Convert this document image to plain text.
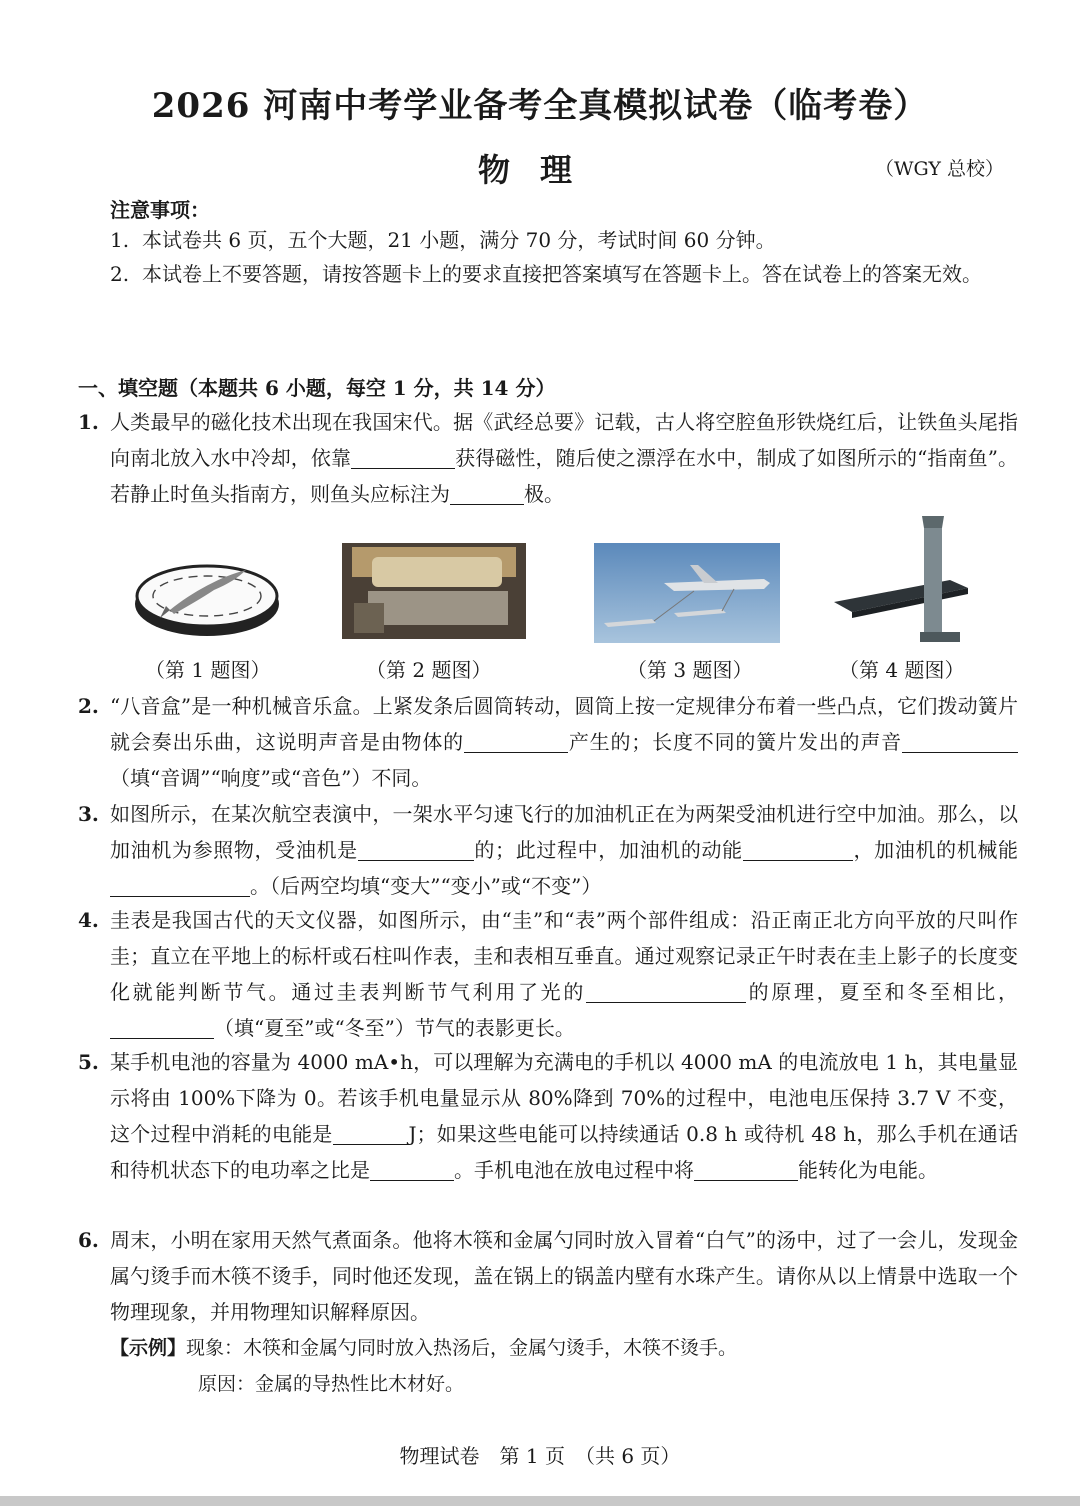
2026 河南中考学业备考全真模拟试卷（临考卷）
物理	（WGY 总校）
注意事项：
1. 本试卷共 6 页，五个大题，21 小题，满分 70 分，考试时间 60 分钟。
2. 本试卷上不要答题，请按答题卡上的要求直接把答案填写在答题卡上。答在试卷上的答案无效。
一、填空题（本题共 6 小题，每空 1 分，共 14 分）
1. 人类最早的磁化技术出现在我国宋代。据《武经总要》记载，古人将空腔鱼形铁烧红后，让铁鱼头尾指向南北放入水中冷却，依靠	获得磁性，随后使之漂浮在水中，制成了如图所示的“指南鱼”。若静止时鱼头指南方，则鱼头应标注为	极。
（第 1 题图）	（第 2 题图）	（第 3 题图）	（第 4 题图）
2. “八音盒”是一种机械音乐盒。上紧发条后圆筒转动，圆筒上按一定规律分布着一些凸点，它们拨动簧片就会奏出乐曲，这说明声音是由物体的	产生的；长度不同的簧片发出的声音（填“音调”“响度”或“音色”）不同。
3. 如图所示，在某次航空表演中，一架水平匀速飞行的加油机正在为两架受油机进行空中加油。那么，以加油机为参照物，受油机是	的；此过程中，加油机的动能	，加油机的机械能。（后两空均填“变大”“变小”或“不变”）
4. 圭表是我国古代的天文仪器，如图所示，由“圭”和“表”两个部件组成：沿正南正北方向平放的尺叫作圭；直立在平地上的标杆或石柱叫作表，圭和表相互垂直。通过观察记录正午时表在圭上影子的长度变化就能判断节气。通过圭表判断节气利用了光的	的原理，夏至和冬至相比，（填“夏至”或“冬至”）节气的表影更长。
5. 某手机电池的容量为 4000 mA•h，可以理解为充满电的手机以 4000 mA 的电流放电 1 h，其电量显示将由 100%下降为 0。若该手机电量显示从 80%降到 70%的过程中，电池电压保持 3.7 V 不变，这个过程中消耗的电能是	J；如果这些电能可以持续通话 0.8 h 或待机 48 h，那么手机在通话和待机状态下的电功率之比是	。手机电池在放电过程中将	能转化为电能。
6. 周末，小明在家用天然气煮面条。他将木筷和金属勺同时放入冒着“白气”的汤中，过了一会儿，发现金属勺烫手而木筷不烫手，同时他还发现，盖在锅上的锅盖内壁有水珠产生。请你从以上情景中选取一个物理现象，并用物理知识解释原因。
【示例】现象：木筷和金属勺同时放入热汤后，金属勺烫手，木筷不烫手。
原因：金属的导热性比木材好。
物理试卷　第 1 页　（共 6 页）
